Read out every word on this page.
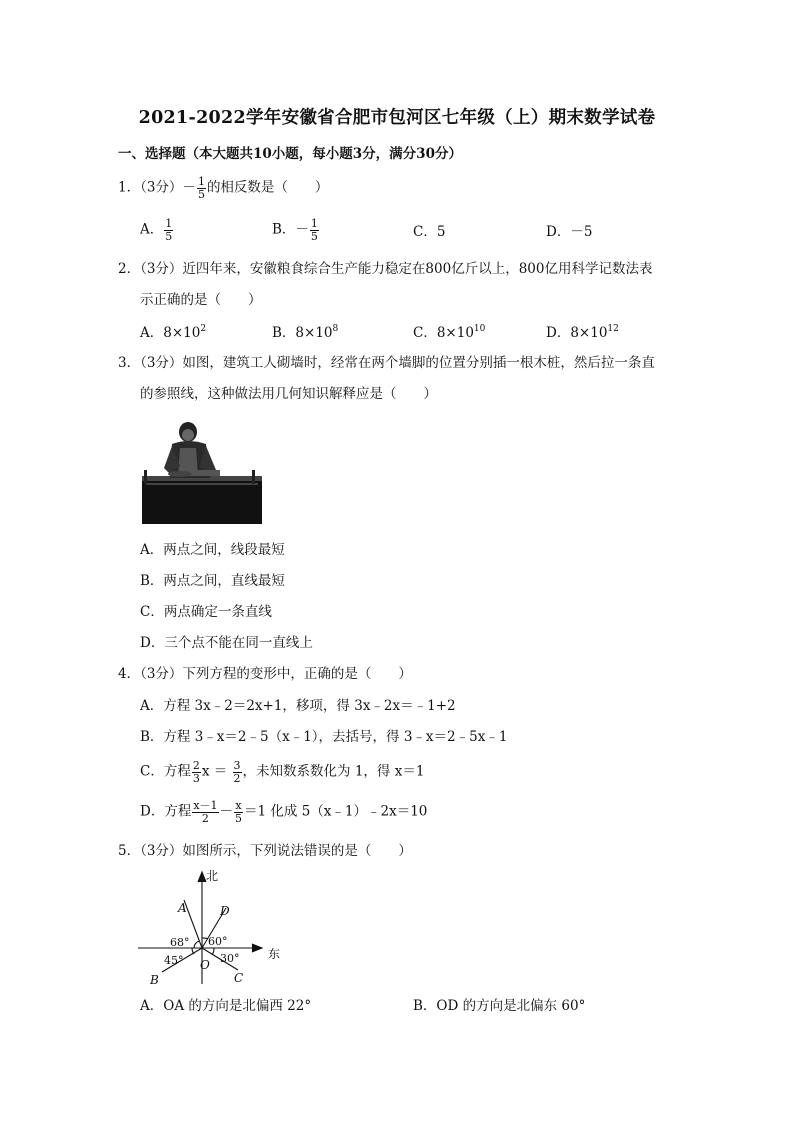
2021-2022学年安徽省合肥市包河区七年级（上）期末数学试卷
一、选择题（本大题共10小题，每小题3分，满分30分）
1．（3分）－ $\frac{1}{5}$ 的相反数是（　　）
A． $\frac{1}{5}$	B．－ $\frac{1}{5}$	C．5	D．－5
2．（3分）近四年来，安徽粮食综合生产能力稳定在800亿斤以上，800亿用科学记数法表
示正确的是（　　）
A．$8\times 10^2$	B．$8\times 10^8$	C．$8\times 10^{10}$	D．$8\times 10^{12}$
3．（3分）如图，建筑工人砌墙时，经常在两个墙脚的位置分别插一根木桩，然后拉一条直
的参照线，这种做法用几何知识解释应是（　　）
A．两点之间，线段最短
B．两点之间，直线最短
C．两点确定一条直线
D．三个点不能在同一直线上
4．（3分）下列方程的变形中，正确的是（　　）
A．方程 3x﹣2＝2x+1，移项，得 3x﹣2x＝﹣1+2
B．方程 3﹣x＝2﹣5（x﹣1），去括号，得 3﹣x＝2﹣5x﹣1
C．方程 $\frac{2}{3}$ $x = \frac{3}{2}$ ，未知数系数化为 1，得 x＝1
D．方程 $\frac{x-1}{2} - \frac{x}{5} =1$ 化成 5（x﹣1）﹣2x＝10
5．（3分）如图所示，下列说法错误的是（　　）
北
东
A	D
B	C
O
68° 60°
45°	30°
A．OA 的方向是北偏西 22°	B．OD 的方向是北偏东 60°
